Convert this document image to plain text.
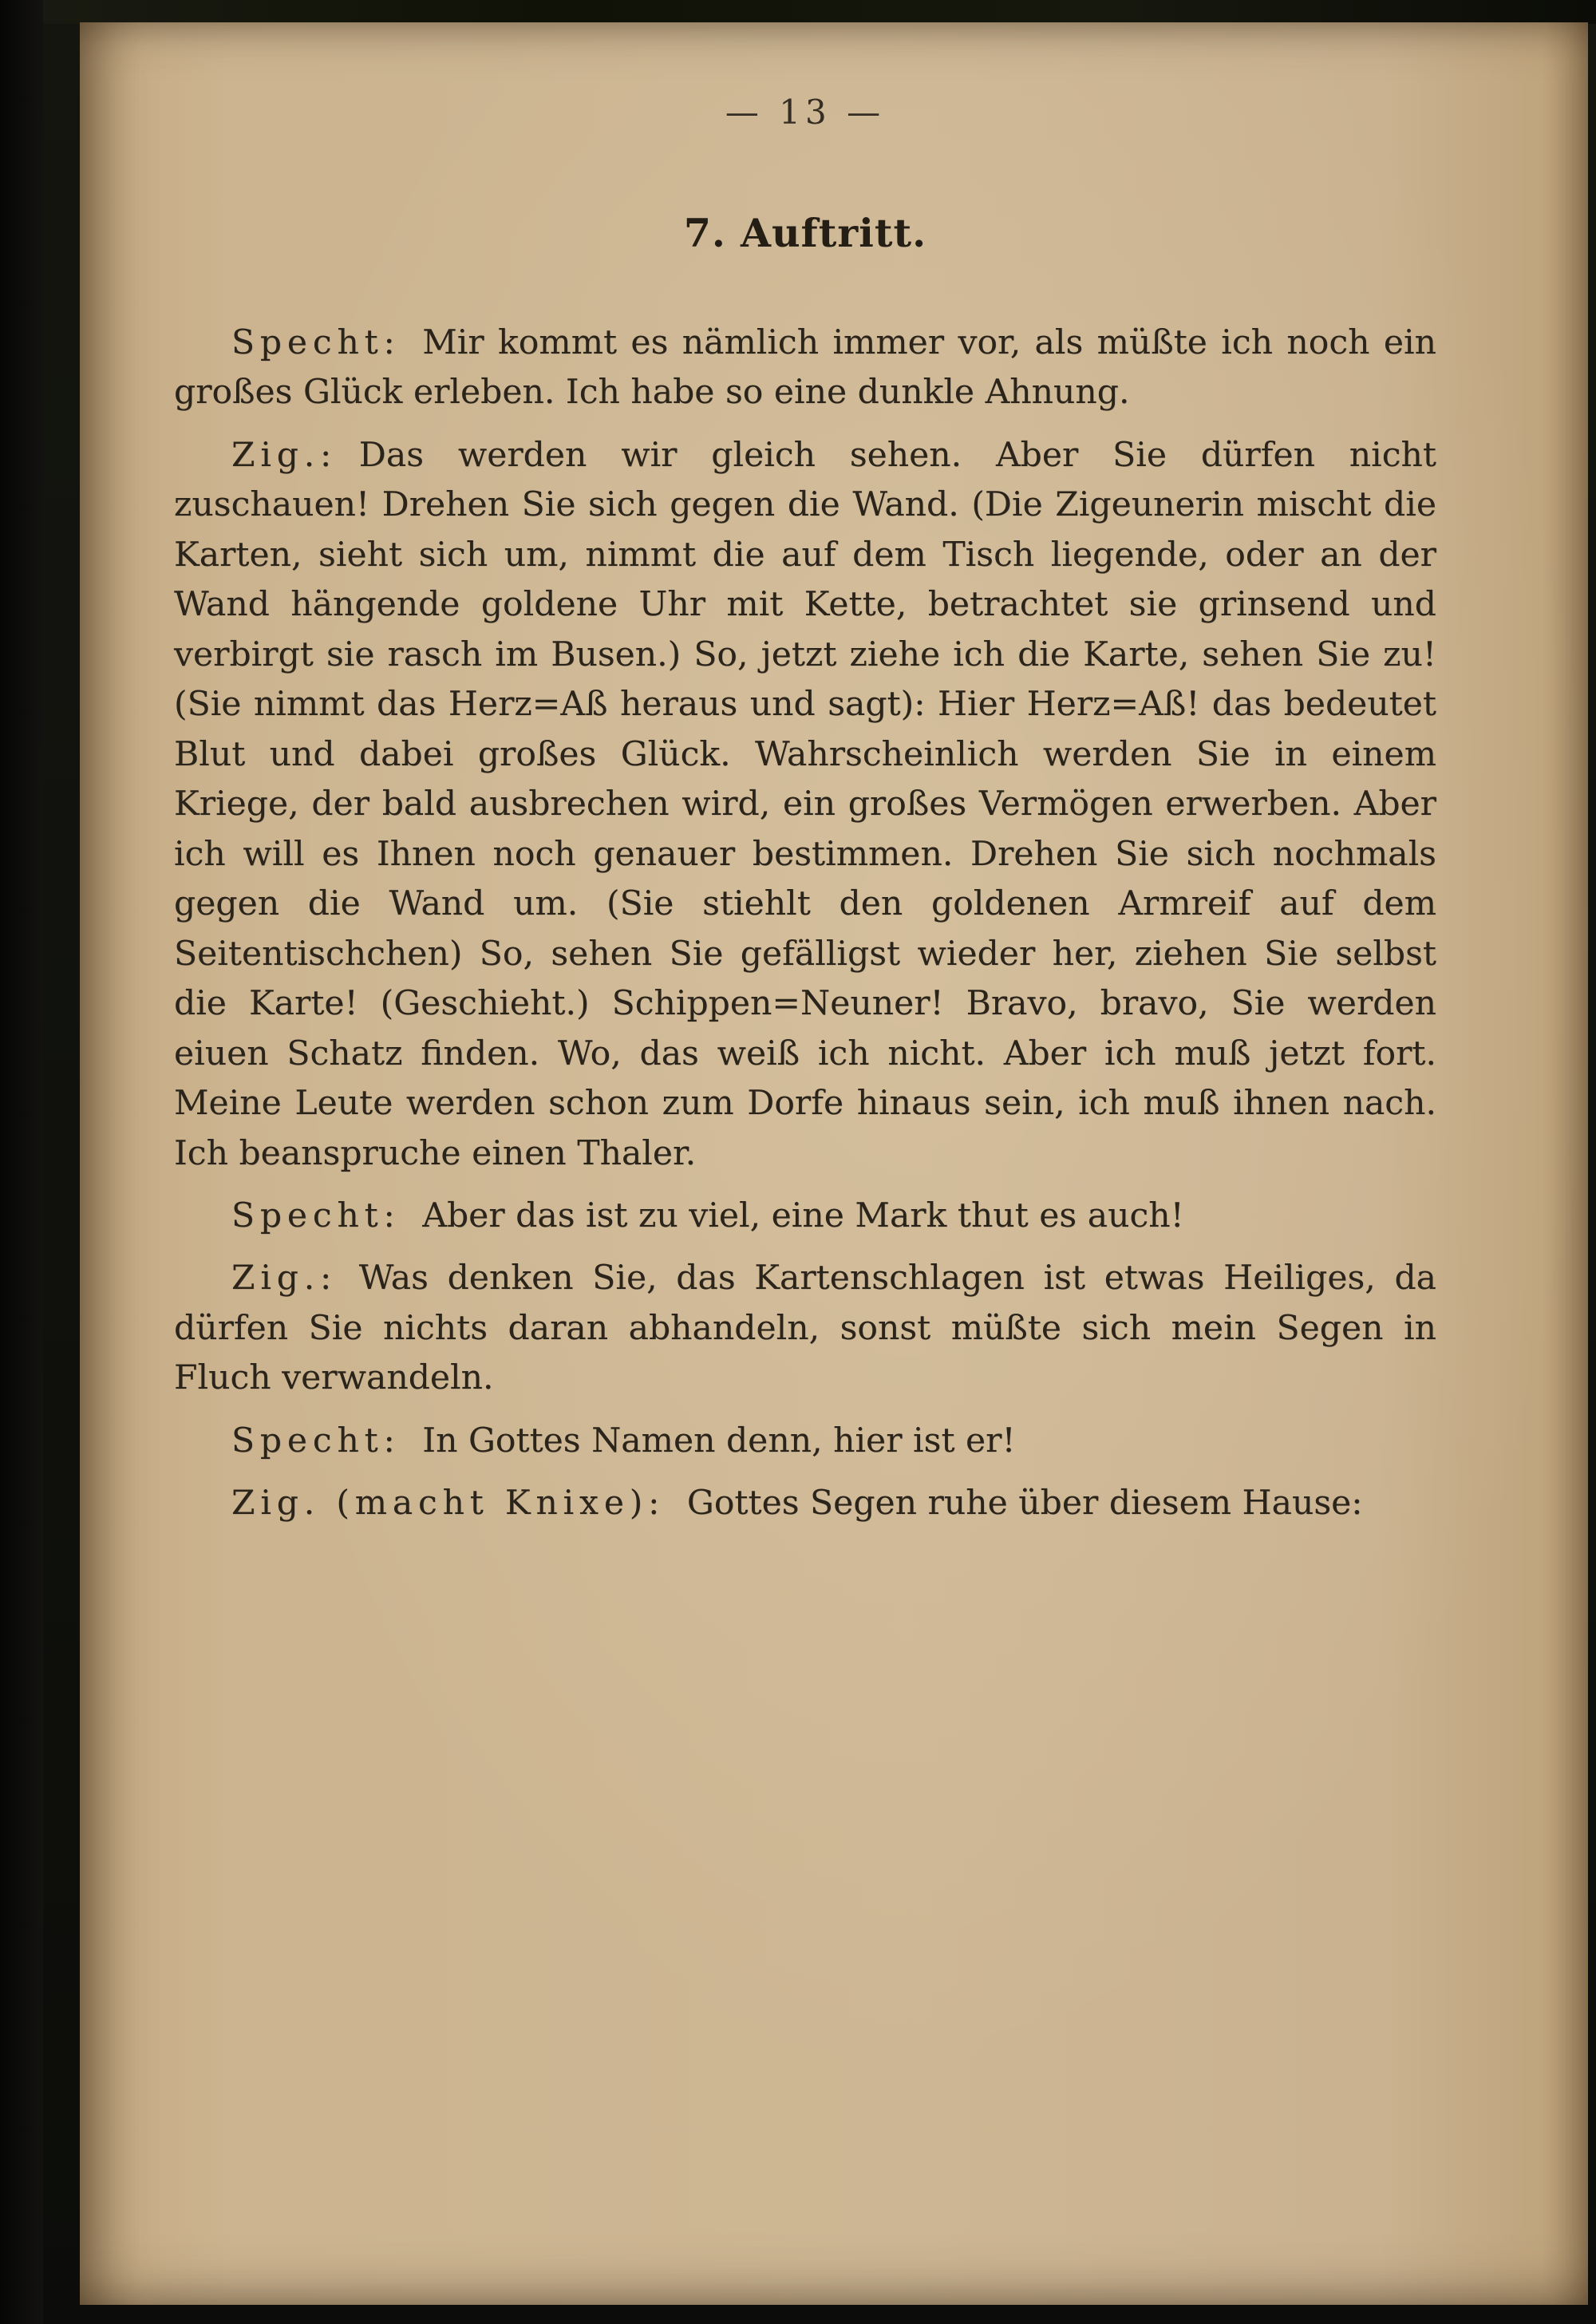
— 13 —
7. Auftritt.

Specht: Mir kommt es nämlich immer vor, als müßte ich noch ein großes Glück erleben. Ich habe so eine dunkle Ahnung.

Zig.: Das werden wir gleich sehen. Aber Sie dürfen nicht zuschauen! Drehen Sie sich gegen die Wand. (Die Zigeunerin mischt die Karten, sieht sich um, nimmt die auf dem Tisch liegende, oder an der Wand hängende goldene Uhr mit Kette, betrachtet sie grinsend und verbirgt sie rasch im Busen.) So, jetzt ziehe ich die Karte, sehen Sie zu! (Sie nimmt das Herz=Aß heraus und sagt): Hier Herz=Aß! das bedeutet Blut und dabei großes Glück. Wahrscheinlich werden Sie in einem Kriege, der bald ausbrechen wird, ein großes Vermögen erwerben. Aber ich will es Ihnen noch genauer bestimmen. Drehen Sie sich nochmals gegen die Wand um. (Sie stiehlt den goldenen Armreif auf dem Seitentischchen) So, sehen Sie gefälligst wieder her, ziehen Sie selbst die Karte! (Geschieht.) Schippen=Neuner! Bravo, bravo, Sie werden eiuen Schatz finden. Wo, das weiß ich nicht. Aber ich muß jetzt fort. Meine Leute werden schon zum Dorfe hinaus sein, ich muß ihnen nach. Ich beanspruche einen Thaler.

Specht: Aber das ist zu viel, eine Mark thut es auch!

Zig.: Was denken Sie, das Kartenschlagen ist etwas Heiliges, da dürfen Sie nichts daran abhandeln, sonst müßte sich mein Segen in Fluch verwandeln.

Specht: In Gottes Namen denn, hier ist er!

Zig. (macht Knixe): Gottes Segen ruhe über diesem Hause:
